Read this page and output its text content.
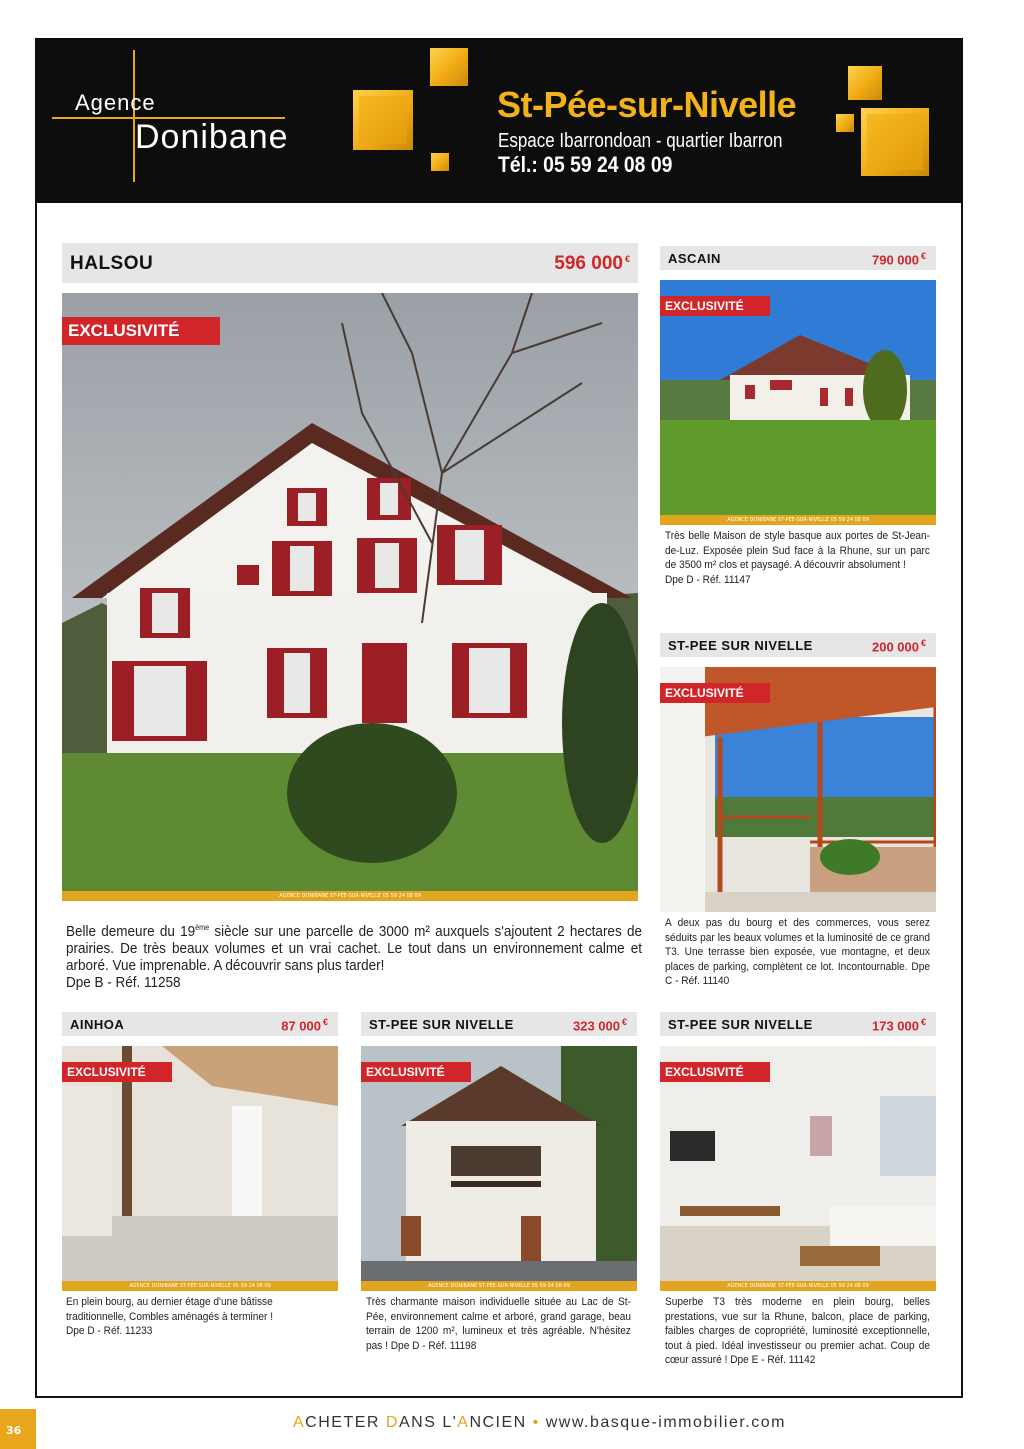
Agence
Donibane
St-Pée-sur-Nivelle
Espace Ibarrondoan - quartier Ibarron
Tél.: 05 59 24 08 09
HALSOU	596 000 €
EXCLUSIVITÉ
AGENCE DONIBANE ST-PÉE-SUR-NIVELLE 05 59 24 08 09
Belle demeure du 19ème siècle sur une parcelle de 3000 m² auxquels s'ajoutent 2 hectares de prairies. De très beaux volumes et un vrai cachet. Le tout dans un environnement calme et arboré. Vue imprenable. A découvrir sans plus tarder!
Dpe B - Réf. 11258
ASCAIN	790 000 €
EXCLUSIVITÉ
AGENCE DONIBANE ST-PÉE-SUR-NIVELLE 05 59 24 08 09
Très belle Maison de style basque aux portes de St-Jean-de-Luz. Exposée plein Sud face à la Rhune, sur un parc de 3500 m² clos et paysagé. A découvrir absolument !
Dpe D - Réf. 11147
ST-PEE SUR NIVELLE	200 000 €
EXCLUSIVITÉ
A deux pas du bourg et des commerces, vous serez séduits par les beaux volumes et la luminosité de ce grand T3. Une terrasse bien exposée, vue montagne, et deux places de parking, complètent ce lot. Incontournable. Dpe C - Réf. 11140
AINHOA	87 000 €
EXCLUSIVITÉ
AGENCE DONIBANE ST-PÉE-SUR-NIVELLE 05 59 24 08 09
En plein bourg, au dernier étage d'une bâtisse traditionnelle, Combles aménagés à terminer !
Dpe D - Réf. 11233
ST-PEE SUR NIVELLE	323 000 €
EXCLUSIVITÉ
AGENCE DONIBANE ST-PÉE-SUR-NIVELLE 05 59 24 08 09
Très charmante maison individuelle située au Lac de St-Pée, environnement calme et arboré, grand garage, beau terrain de 1200 m², lumineux et très agréable. N'hésitez pas ! Dpe D - Réf. 11198
ST-PEE SUR NIVELLE	173 000 €
EXCLUSIVITÉ
AGENCE DONIBANE ST-PÉE-SUR-NIVELLE 05 59 24 08 09
Superbe T3 très moderne en plein bourg, belles prestations, vue sur la Rhune, balcon, place de parking, faibles charges de copropriété, luminosité exceptionnelle, tout à pied. Idéal investisseur ou premier achat. Coup de cœur assuré ! Dpe E - Réf. 11142
36	ACHETER DANS L'ANCIEN • www.basque-immobilier.com
